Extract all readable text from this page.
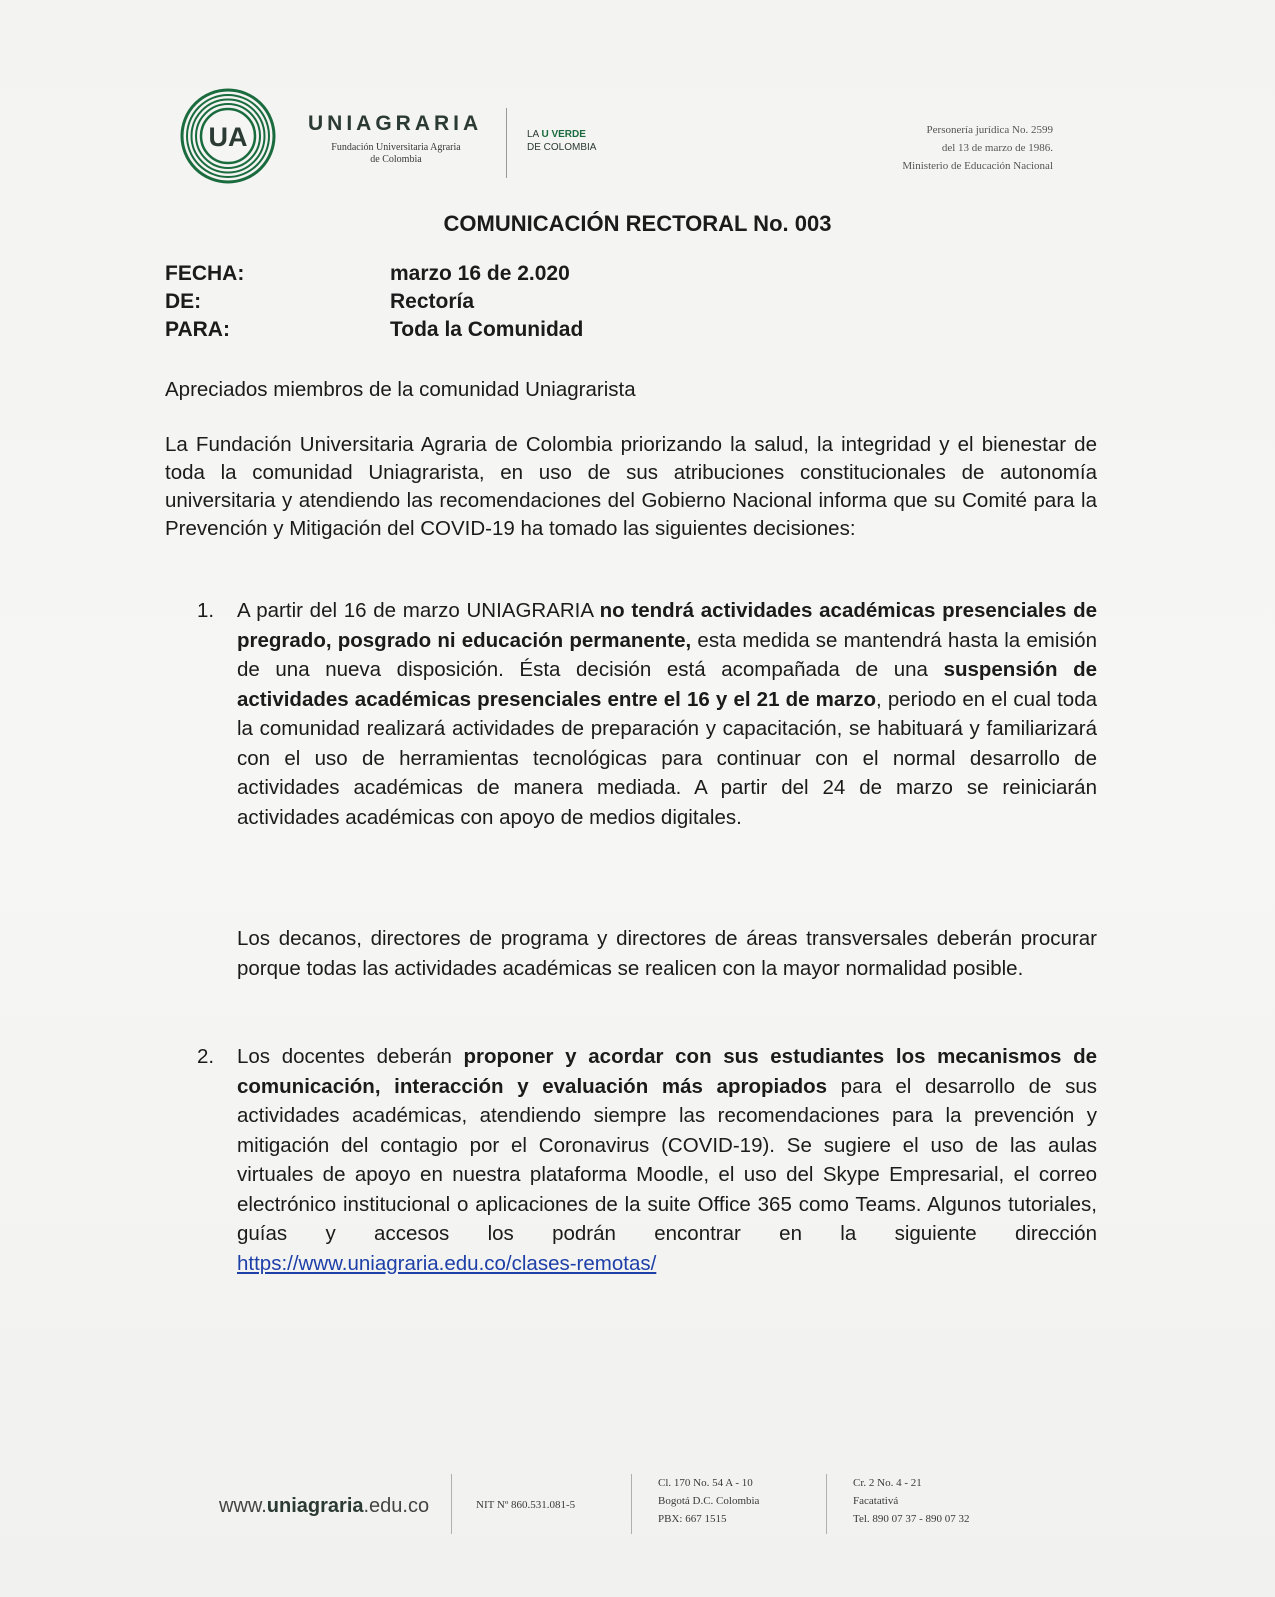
UA	UNIAGRARIA
Fundación Universitaria Agraria
de Colombia
LA U VERDE
DE COLOMBIA
Personería jurídica No. 2599
del 13 de marzo de 1986.
Ministerio de Educación Nacional
COMUNICACIÓN RECTORAL No. 003
FECHA:	marzo 16 de 2.020
DE:	Rectoría
PARA:	Toda la Comunidad
Apreciados miembros de la comunidad Uniagrarista
La Fundación Universitaria Agraria de Colombia priorizando la salud, la integridad y el bienestar de toda la comunidad Uniagrarista, en uso de sus atribuciones constitucionales de autonomía universitaria y atendiendo las recomendaciones del Gobierno Nacional informa que su Comité para la Prevención y Mitigación del COVID-19 ha tomado las siguientes decisiones:
1. A partir del 16 de marzo UNIAGRARIA no tendrá actividades académicas presenciales de pregrado, posgrado ni educación permanente, esta medida se mantendrá hasta la emisión de una nueva disposición. Ésta decisión está acompañada de una suspensión de actividades académicas presenciales entre el 16 y el 21 de marzo, periodo en el cual toda la comunidad realizará actividades de preparación y capacitación, se habituará y familiarizará con el uso de herramientas tecnológicas para continuar con el normal desarrollo de actividades académicas de manera mediada. A partir del 24 de marzo se reiniciarán actividades académicas con apoyo de medios digitales.
Los decanos, directores de programa y directores de áreas transversales deberán procurar porque todas las actividades académicas se realicen con la mayor normalidad posible.
2. Los docentes deberán proponer y acordar con sus estudiantes los mecanismos de comunicación, interacción y evaluación más apropiados para el desarrollo de sus actividades académicas, atendiendo siempre las recomendaciones para la prevención y mitigación del contagio por el Coronavirus (COVID-19). Se sugiere el uso de las aulas virtuales de apoyo en nuestra plataforma Moodle, el uso del Skype Empresarial, el correo electrónico institucional o aplicaciones de la suite Office 365 como Teams. Algunos tutoriales, guías y accesos los podrán encontrar en la siguiente dirección https://www.uniagraria.edu.co/clases-remotas/
www.uniagraria.edu.co	NIT Nº 860.531.081-5
Cl. 170 No. 54 A - 10
Bogotá D.C. Colombia
PBX: 667 1515
Cr. 2 No. 4 - 21
Facatativá
Tel. 890 07 37 - 890 07 32
